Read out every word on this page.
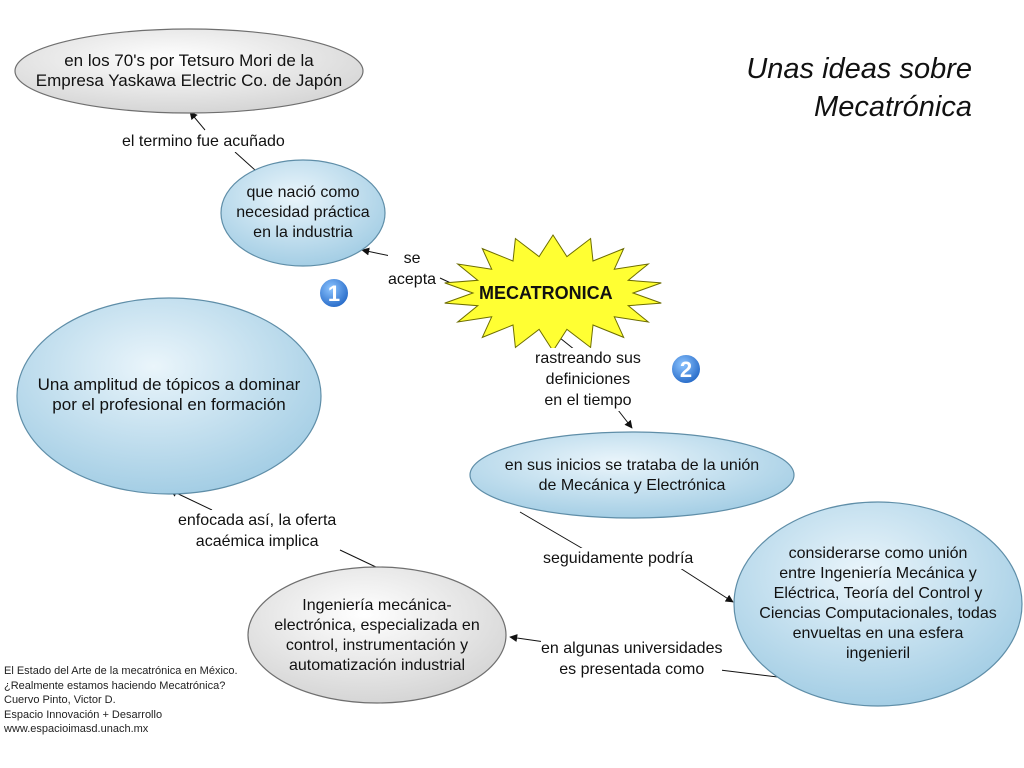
1
2
en los 70's por Tetsuro Mori de la
Empresa Yaskawa Electric Co. de Japón
que nació como
necesidad práctica
en la industria
Una amplitud de tópicos a dominar
por el profesional en formación
en sus inicios se trataba de la unión
de Mecánica y Electrónica
considerarse como unión
entre Ingeniería Mecánica y
Eléctrica, Teoría del Control y
Ciencias Computacionales, todas
envueltas en una esfera
ingenieril
Ingeniería mecánica-
electrónica, especializada en
control, instrumentación y
automatización industrial
MECATRONICA
el termino fue acuñado
se
acepta
rastreando sus
definiciones
en el tiempo
seguidamente podría
en algunas universidades
es presentada como
enfocada así, la oferta
acaémica implica
Unas ideas sobre
Mecatrónica
El Estado del Arte de la mecatrónica en México.
¿Realmente estamos haciendo Mecatrónica?
Cuervo Pinto, Victor D.
Espacio Innovación + Desarrollo
www.espacioimasd.unach.mx
